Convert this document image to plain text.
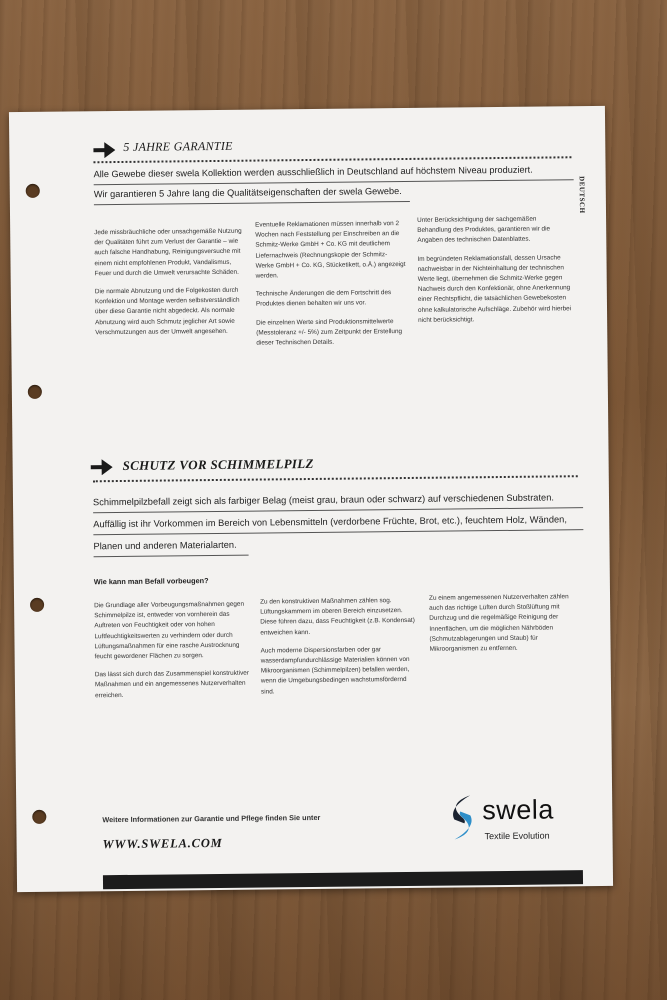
DEUTSCH
5 JAHRE GARANTIE
Alle Gewebe dieser swela Kollektion werden ausschließlich in Deutschland auf höchstem Niveau produziert.
Wir garantieren 5 Jahre lang die Qualitätseigenschaften der swela Gewebe.

Jede missbräuchliche oder unsachgemäße Nutzung der Qualitäten führt zum Verlust der Garantie – wie auch falsche Handhabung, Reinigungsversuche mit einem nicht empfohlenen Produkt, Vandalismus, Feuer und durch die Umwelt verursachte Schäden.

Die normale Abnutzung und die Folgekosten durch Konfektion und Montage werden selbstverständlich über diese Garantie nicht abgedeckt. Als normale Abnutzung wird auch Schmutz jeglicher Art sowie Verschmutzungen aus der Umwelt angesehen.

Eventuelle Reklamationen müssen innerhalb von 2 Wochen nach Feststellung per Einschreiben an die Schmitz-Werke GmbH + Co. KG mit deutlichem Liefernachweis (Rechnungskopie der Schmitz-Werke GmbH + Co. KG, Stücketikett, o.Ä.) angezeigt werden.

Technische Änderungen die dem Fortschritt des Produktes dienen behalten wir uns vor.

Die einzelnen Werte sind Produktionsmittelwerte (Messtoleranz +/- 5%) zum Zeitpunkt der Erstellung dieser Technischen Details.

Unter Berücksichtigung der sachgemäßen Behandlung des Produktes, garantieren wir die Angaben des technischen Datenblattes.

Im begründeten Reklamationsfall, dessen Ursache nachweisbar in der Nichteinhaltung der technischen Werte liegt, übernehmen die Schmitz-Werke gegen Nachweis durch den Konfektionär, ohne Anerkennung einer Rechtspflicht, die tatsächlichen Gewebekosten ohne kalkulatorische Aufschläge. Zubehör wird hierbei nicht berücksichtigt.

SCHUTZ VOR SCHIMMELPILZ
Schimmelpilzbefall zeigt sich als farbiger Belag (meist grau, braun oder schwarz) auf verschiedenen Substraten.
Auffällig ist ihr Vorkommen im Bereich von Lebensmitteln (verdorbene Früchte, Brot, etc.), feuchtem Holz, Wänden,
Planen und anderen Materialarten.
Wie kann man Befall vorbeugen?

Die Grundlage aller Vorbeugungsmaßnahmen gegen Schimmelpilze ist, entweder von vornherein das Auftreten von Feuchtigkeit oder von hohen Luftfeuchtigkeitswerten zu verhindern oder durch Lüftungsmaßnahmen für eine rasche Austrocknung feucht gewordener Flächen zu sorgen.

Das lässt sich durch das Zusammenspiel konstruktiver Maßnahmen und ein angemessenes Nutzerverhalten erreichen.

Zu den konstruktiven Maßnahmen zählen sog. Lüftungskammern im oberen Bereich einzusetzen. Diese führen dazu, dass Feuchtigkeit (z.B. Kondensat) entweichen kann.

Auch moderne Dispersionsfarben oder gar wasserdampfundurchlässige Materialien können von Mikroorganismen (Schimmelpilzen) befallen werden, wenn die Umgebungsbedingen wachstumsfördernd sind.

Zu einem angemessenen Nutzerverhalten zählen auch das richtige Lüften durch Stoßlüftung mit Durchzug und die regelmäßige Reinigung der Innenflächen, um die möglichen Nährböden (Schmutzablagerungen und Staub) für Mikroorganismen zu entfernen.

Weitere Informationen zur Garantie und Pflege finden Sie unter
WWW.SWELA.COM
swela
Textile Evolution
